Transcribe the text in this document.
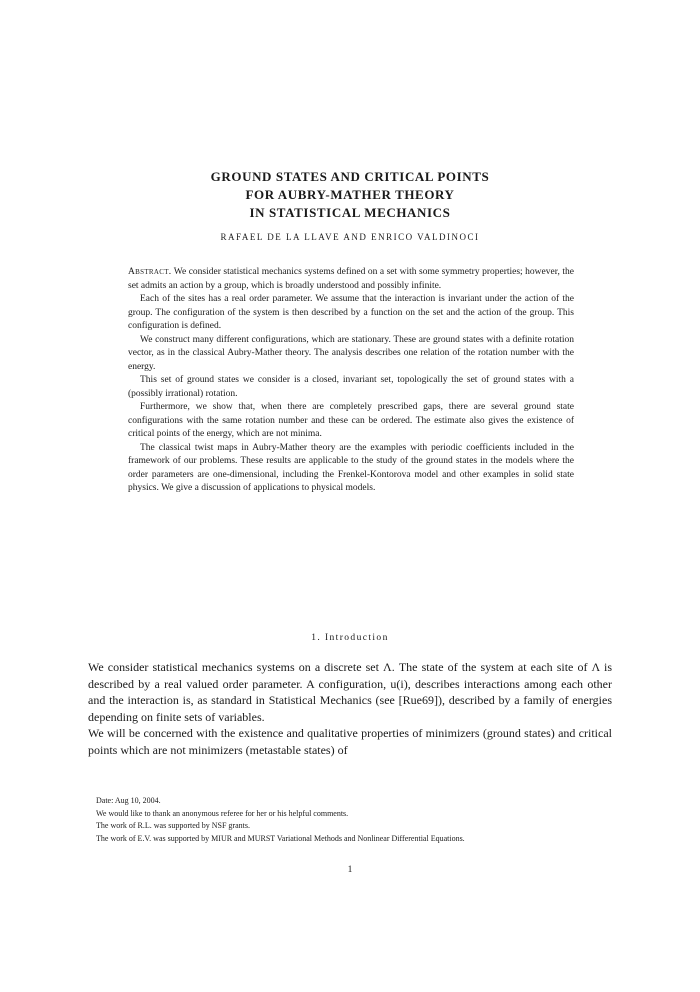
GROUND STATES AND CRITICAL POINTS
FOR AUBRY-MATHER THEORY
IN STATISTICAL MECHANICS
RAFAEL DE LA LLAVE AND ENRICO VALDINOCI

Abstract. We consider statistical mechanics systems defined on a set with some symmetry properties; however, the set admits an action by a group, which is broadly understood and possibly infinite.

Each of the sites has a real order parameter. We assume that the interaction is invariant under the action of the group. The configuration of the system is then described by a function on the set and the action of the group. This configuration is defined.

We construct many different configurations, which are stationary. These are ground states with a definite rotation vector, as in the classical Aubry-Mather theory. The analysis describes one relation of the rotation number with the energy.

This set of ground states we consider is a closed, invariant set, topologically the set of ground states with a (possibly irrational) rotation.

Furthermore, we show that, when there are completely prescribed gaps, there are several ground state configurations with the same rotation number and these can be ordered. The estimate also gives the existence of critical points of the energy, which are not minima.

The classical twist maps in Aubry-Mather theory are the examples with periodic coefficients included in the framework of our problems. These results are applicable to the study of the ground states in the models where the order parameters are one-dimensional, including the Frenkel-Kontorova model and other examples in solid state physics. We give a discussion of applications to physical models.

1. Introduction

We consider statistical mechanics systems on a discrete set Λ. The state of the system at each site of Λ is described by a real valued order parameter. A configuration, u(i), describes interactions among each other and the interaction is, as standard in Statistical Mechanics (see [Rue69]), described by a family of energies depending on finite sets of variables.

We will be concerned with the existence and qualitative properties of minimizers (ground states) and critical points which are not minimizers (metastable states) of

Date: Aug 10, 2004.

We would like to thank an anonymous referee for her or his helpful comments.

The work of R.L. was supported by NSF grants.

The work of E.V. was supported by MIUR and MURST Variational Methods and Nonlinear Differential Equations.

1
